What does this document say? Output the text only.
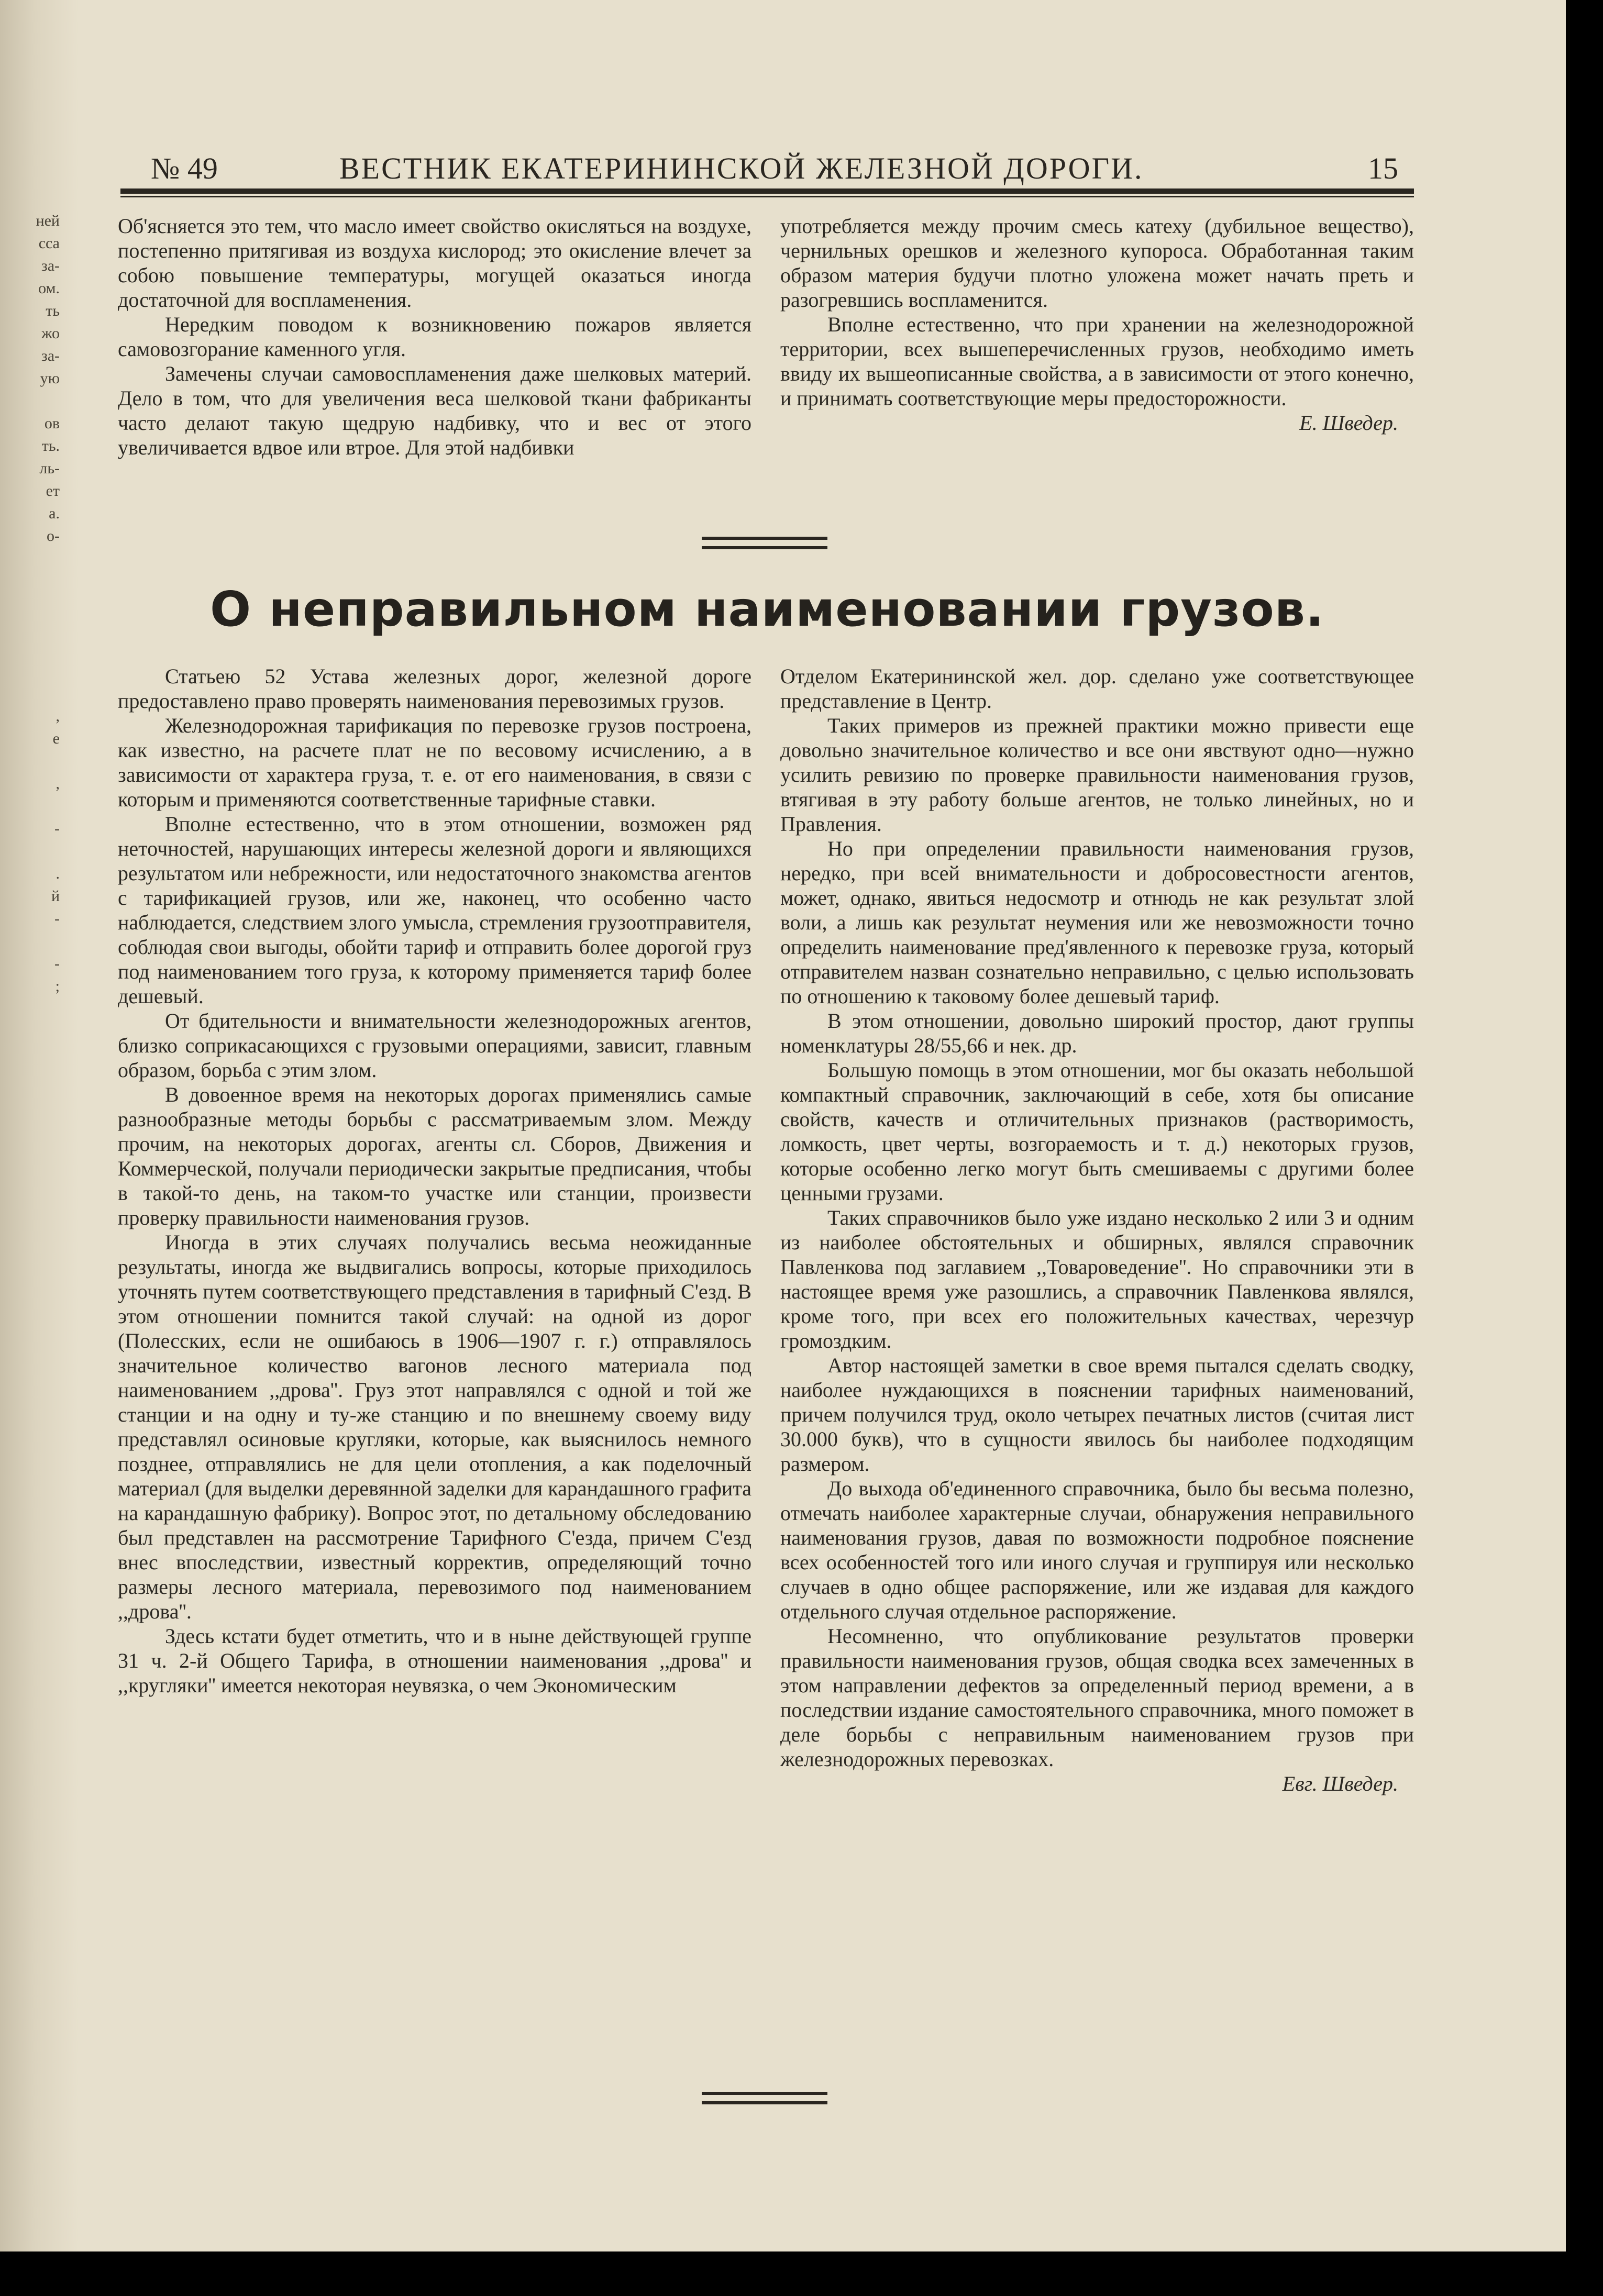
ней
сса
за-
ом.
ть
жо
за-
ую
ов
ть.
ль-
ет
а.
о-
,
е
,
-
.
й
-
-
;
№ 49	ВЕСТНИК ЕКАТЕРИНИНСКОЙ ЖЕЛЕЗНОЙ ДОРОГИ.	15

Об'ясняется это тем, что масло имеет свойство окисляться на воздухе, постепенно притягивая из воздуха кислород; это окисление влечет за собою повышение температуры, могущей оказаться иногда достаточной для воспламенения.

Нередким поводом к возникновению пожаров является самовозгорание каменного угля.

Замечены случаи самовоспламенения даже шелковых материй. Дело в том, что для увеличения веса шелковой ткани фабриканты часто делают такую щедрую надбивку, что и вес от этого увеличивается вдвое или втрое. Для этой надбивки

употребляется между прочим смесь катеху (дубильное вещество), чернильных орешков и железного купороса. Обработанная таким образом материя будучи плотно уложена может начать преть и разогревшись воспламенится.

Вполне естественно, что при хранении на железнодорожной территории, всех вышеперечисленных грузов, необходимо иметь ввиду их вышеописанные свойства, а в зависимости от этого конечно, и принимать соответствующие меры предосторожности.

Е. Шведер.
О неправильном наименовании грузов.

Статьею 52 Устава железных дорог, железной дороге предоставлено право проверять наименования перевозимых грузов.

Железнодорожная тарификация по перевозке грузов построена, как известно, на расчете плат не по весовому исчислению, а в зависимости от характера груза, т. е. от его наименования, в связи с которым и применяются соответственные тарифные ставки.

Вполне естественно, что в этом отношении, возможен ряд неточностей, нарушающих интересы железной дороги и являющихся результатом или небрежности, или недостаточного знакомства агентов с тарификацией грузов, или же, наконец, что особенно часто наблюдается, следствием злого умысла, стремления грузоотправителя, соблюдая свои выгоды, обойти тариф и отправить более дорогой груз под наименованием того груза, к которому применяется тариф более дешевый.

От бдительности и внимательности железнодорожных агентов, близко соприкасающихся с грузовыми операциями, зависит, главным образом, борьба с этим злом.

В довоенное время на некоторых дорогах применялись самые разнообразные методы борьбы с рассматриваемым злом. Между прочим, на некоторых дорогах, агенты сл. Сборов, Движения и Коммерческой, получали периодически закрытые предписания, чтобы в такой-то день, на таком-то участке или станции, произвести проверку правильности наименования грузов.

Иногда в этих случаях получались весьма неожиданные результаты, иногда же выдвигались вопросы, которые приходилось уточнять путем соответствующего представления в тарифный С'езд. В этом отношении помнится такой случай: на одной из дорог (Полесских, если не ошибаюсь в 1906—1907 г. г.) отправлялось значительное количество вагонов лесного материала под наименованием ,,дрова''. Груз этот направлялся с одной и той же станции и на одну и ту-же станцию и по внешнему своему виду представлял осиновые кругляки, которые, как выяснилось немного позднее, отправлялись не для цели отопления, а как поделочный материал (для выделки деревянной заделки для карандашного графита на карандашную фабрику). Вопрос этот, по детальному обследованию был представлен на рассмотрение Тарифного С'езда, причем С'езд внес впоследствии, известный корректив, определяющий точно размеры лесного материала, перевозимого под наименованием ,,дрова''.

Здесь кстати будет отметить, что и в ныне действующей группе 31 ч. 2-й Общего Тарифа, в отношении наименования ,,дрова'' и ,,кругляки'' имеется некоторая неувязка, о чем Экономическим

Отделом Екатерининской жел. дор. сделано уже соответствующее представление в Центр.

Таких примеров из прежней практики можно привести еще довольно значительное количество и все они явствуют одно—нужно усилить ревизию по проверке правильности наименования грузов, втягивая в эту работу больше агентов, не только линейных, но и Правления.

Но при определении правильности наименования грузов, нередко, при всей внимательности и добросовестности агентов, может, однако, явиться недосмотр и отнюдь не как результат злой воли, а лишь как результат неумения или же невозможности точно определить наименование пред'явленного к перевозке груза, который отправителем назван сознательно неправильно, с целью использовать по отношению к таковому более дешевый тариф.

В этом отношении, довольно широкий простор, дают группы номенклатуры 28/55,66 и нек. др.

Большую помощь в этом отношении, мог бы оказать небольшой компактный справочник, заключающий в себе, хотя бы описание свойств, качеств и отличительных признаков (растворимость, ломкость, цвет черты, возгораемость и т. д.) некоторых грузов, которые особенно легко могут быть смешиваемы с другими более ценными грузами.

Таких справочников было уже издано несколько 2 или 3 и одним из наиболее обстоятельных и обширных, являлся справочник Павленкова под заглавием ,,Товароведение''. Но справочники эти в настоящее время уже разошлись, а справочник Павленкова являлся, кроме того, при всех его положительных качествах, черезчур громоздким.

Автор настоящей заметки в свое время пытался сделать сводку, наиболее нуждающихся в пояснении тарифных наименований, причем получился труд, около четырех печатных листов (считая лист 30.000 букв), что в сущности явилось бы наиболее подходящим размером.

До выхода об'единенного справочника, было бы весьма полезно, отмечать наиболее характерные случаи, обнаружения неправильного наименования грузов, давая по возможности подробное пояснение всех особенностей того или иного случая и группируя или несколько случаев в одно общее распоряжение, или же издавая для каждого отдельного случая отдельное распоряжение.

Несомненно, что опубликование результатов проверки правильности наименования грузов, общая сводка всех замеченных в этом направлении дефектов за определенный период времени, а в последствии издание самостоятельного справочника, много поможет в деле борьбы с неправильным наименованием грузов при железнодорожных перевозках.

Евг. Шведер.
